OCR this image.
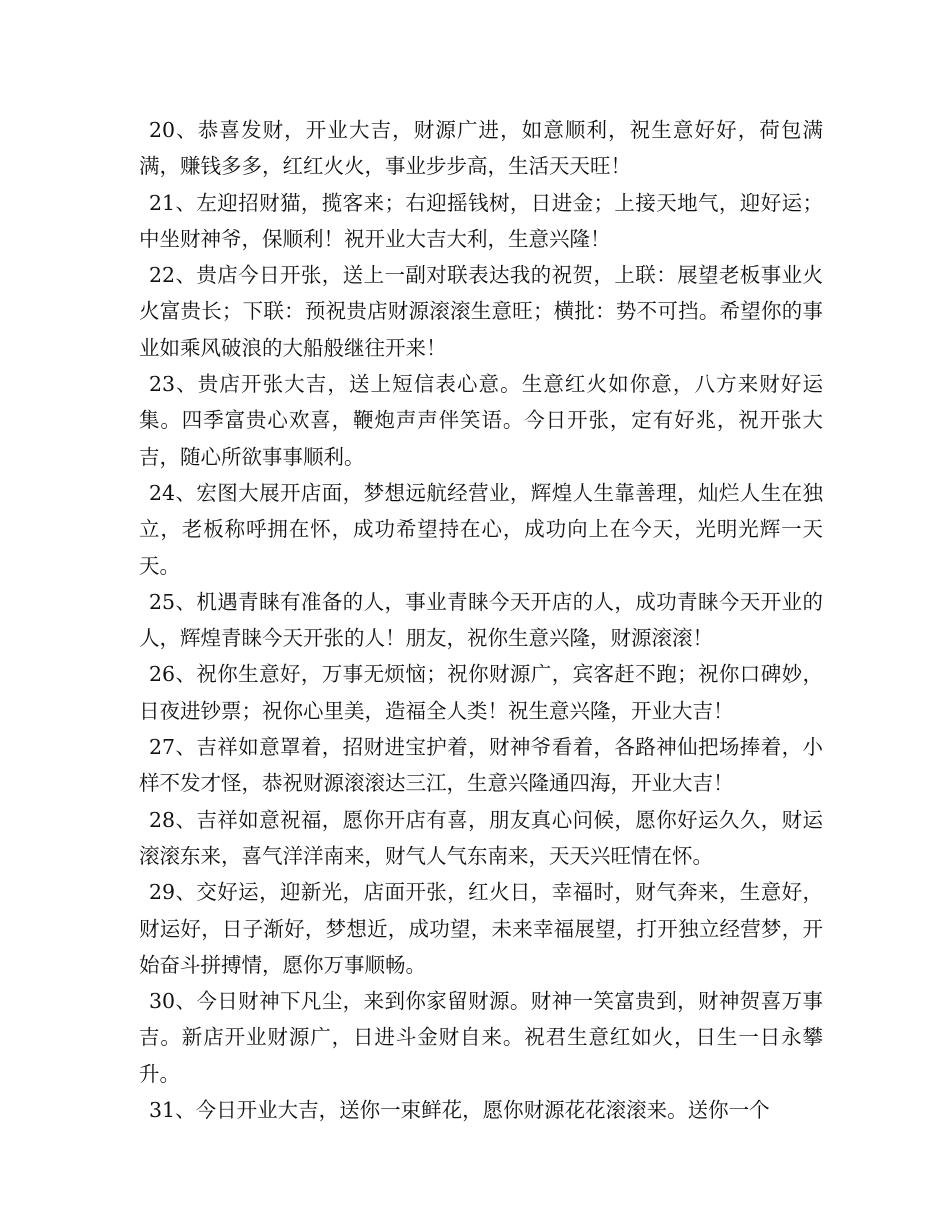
20、恭喜发财，开业大吉，财源广进，如意顺利，祝生意好好，荷包满满，赚钱多多，红红火火，事业步步高，生活天天旺！

21、左迎招财猫，揽客来；右迎摇钱树，日进金；上接天地气，迎好运；中坐财神爷，保顺利！祝开业大吉大利，生意兴隆！

22、贵店今日开张，送上一副对联表达我的祝贺，上联：展望老板事业火火富贵长；下联：预祝贵店财源滚滚生意旺；横批：势不可挡。希望你的事业如乘风破浪的大船般继往开来！

23、贵店开张大吉，送上短信表心意。生意红火如你意，八方来财好运集。四季富贵心欢喜，鞭炮声声伴笑语。今日开张，定有好兆，祝开张大吉，随心所欲事事顺利。

24、宏图大展开店面，梦想远航经营业，辉煌人生靠善理，灿烂人生在独立，老板称呼拥在怀，成功希望持在心，成功向上在今天，光明光辉一天天。

25、机遇青睐有准备的人，事业青睐今天开店的人，成功青睐今天开业的人，辉煌青睐今天开张的人！朋友，祝你生意兴隆，财源滚滚！

26、祝你生意好，万事无烦恼；祝你财源广，宾客赶不跑；祝你口碑妙，日夜进钞票；祝你心里美，造福全人类！祝生意兴隆，开业大吉！

27、吉祥如意罩着，招财进宝护着，财神爷看着，各路神仙把场捧着，小样不发才怪，恭祝财源滚滚达三江，生意兴隆通四海，开业大吉！

28、吉祥如意祝福，愿你开店有喜，朋友真心问候，愿你好运久久，财运滚滚东来，喜气洋洋南来，财气人气东南来，天天兴旺情在怀。

29、交好运，迎新光，店面开张，红火日，幸福时，财气奔来，生意好，财运好，日子渐好，梦想近，成功望，未来幸福展望，打开独立经营梦，开始奋斗拼搏情，愿你万事顺畅。

30、今日财神下凡尘，来到你家留财源。财神一笑富贵到，财神贺喜万事吉。新店开业财源广，日进斗金财自来。祝君生意红如火，日生一日永攀升。

31、今日开业大吉，送你一束鲜花，愿你财源花花滚滚来。送你一个
